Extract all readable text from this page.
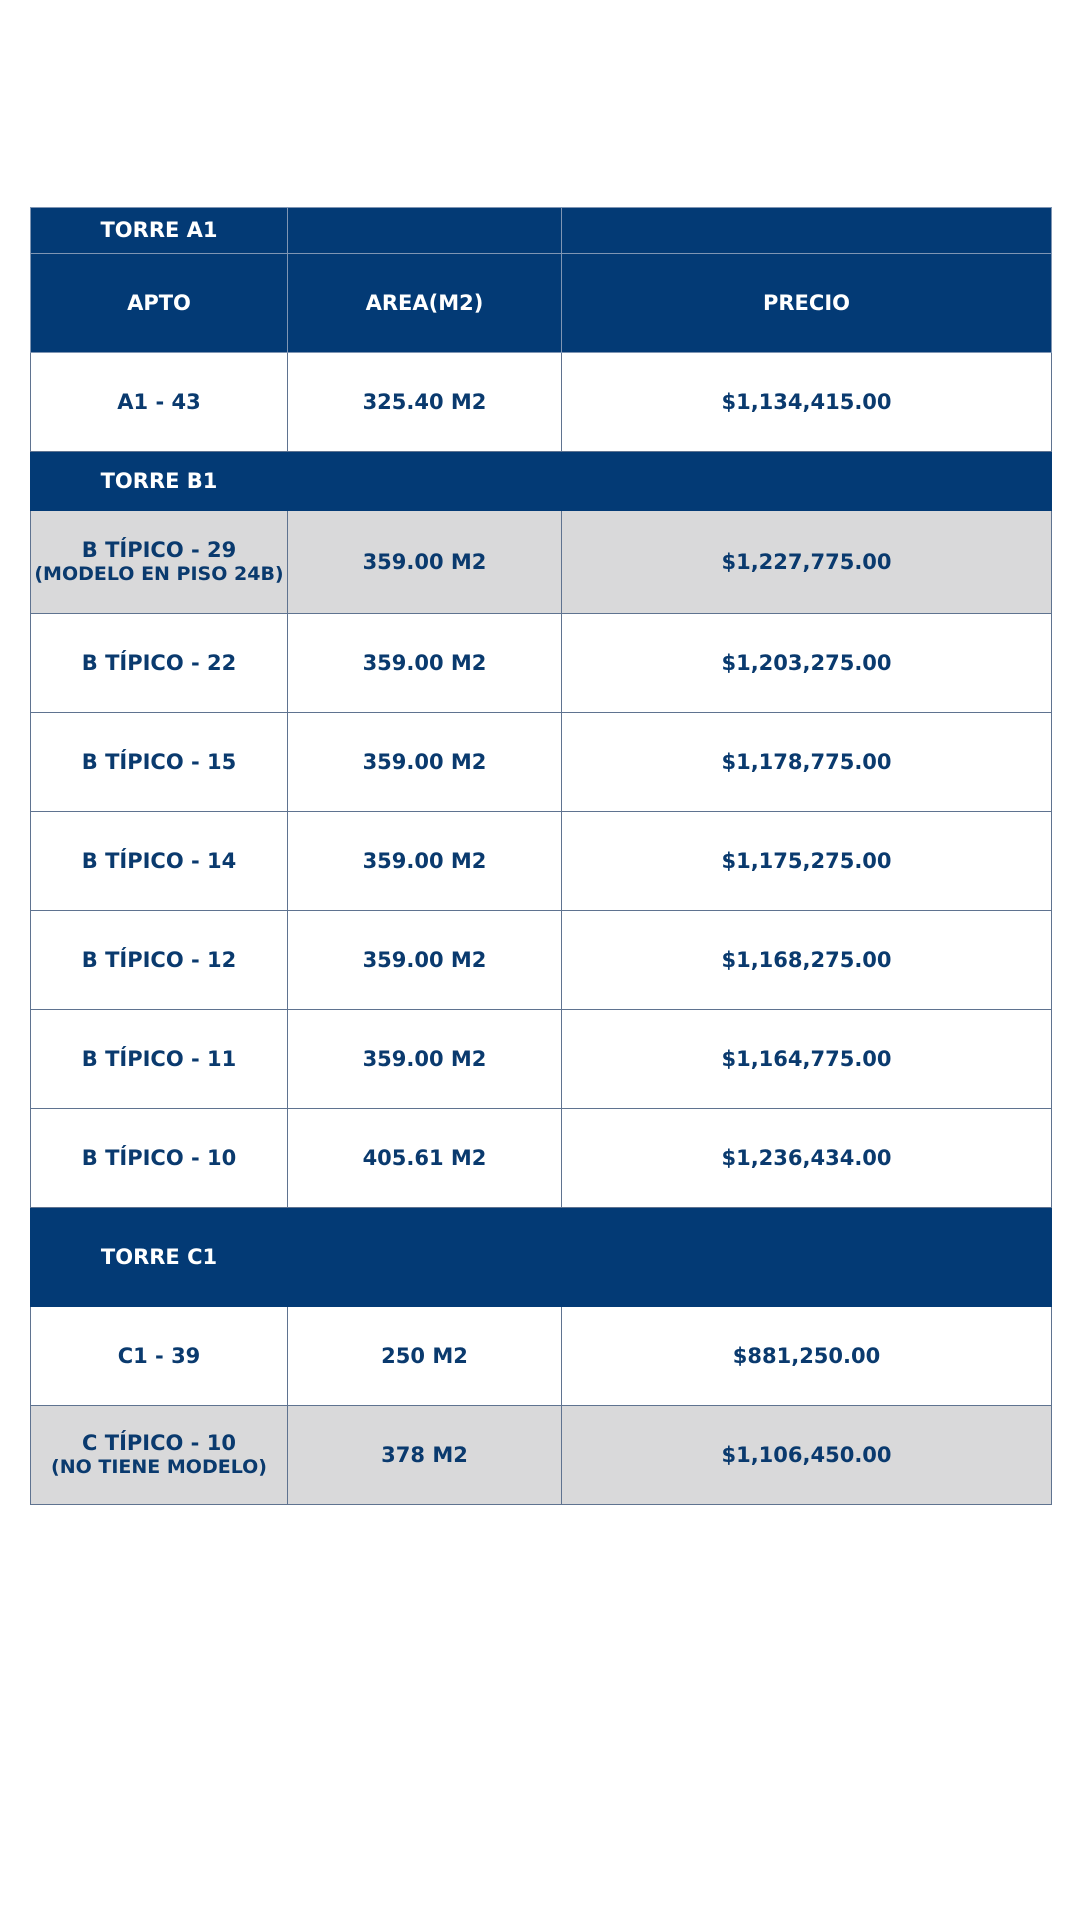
TORRE A1		
APTO	AREA(M2)	PRECIO
A1 - 43	325.40 M2	$1,134,415.00
TORRE B1		
B TÍPICO - 29
(MODELO EN PISO 24B)	359.00 M2	$1,227,775.00
B TÍPICO - 22	359.00 M2	$1,203,275.00
B TÍPICO - 15	359.00 M2	$1,178,775.00
B TÍPICO - 14	359.00 M2	$1,175,275.00
B TÍPICO - 12	359.00 M2	$1,168,275.00
B TÍPICO - 11	359.00 M2	$1,164,775.00
B TÍPICO - 10	405.61 M2	$1,236,434.00
TORRE C1		
C1 - 39	250 M2	$881,250.00
C TÍPICO - 10
(NO TIENE MODELO)	378 M2	$1,106,450.00
